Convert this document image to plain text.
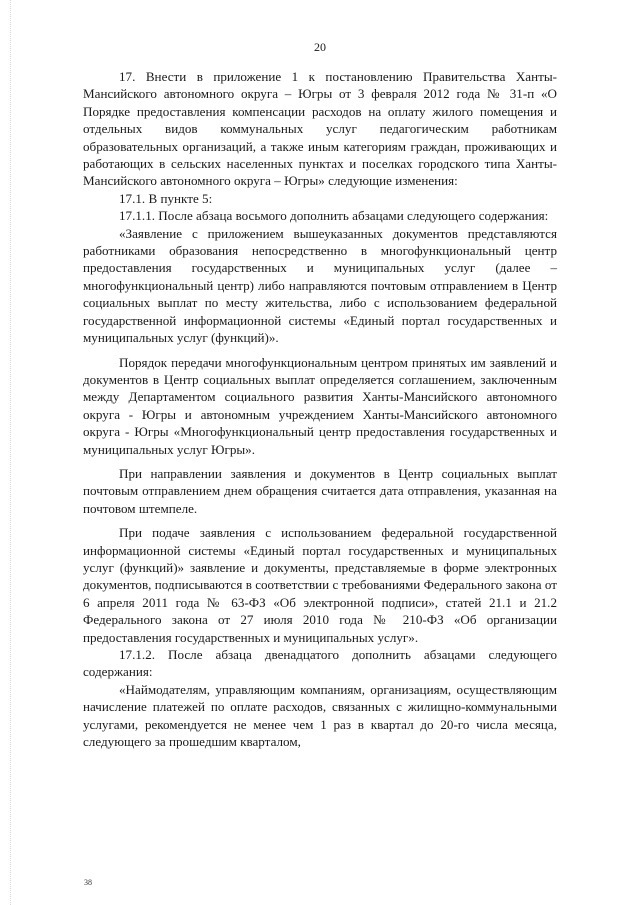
20

17. Внести в приложение 1 к постановлению Правительства Ханты-Мансийского автономного округа – Югры от 3 февраля 2012 года № 31-п «О Порядке предоставления компенсации расходов на оплату жилого помещения и отдельных видов коммунальных услуг педагогическим работникам образовательных организаций, а также иным категориям граждан, проживающих и работающих в сельских населенных пунктах и поселках городского типа Ханты-Мансийского автономного округа – Югры» следующие изменения:

17.1. В пункте 5:

17.1.1. После абзаца восьмого дополнить абзацами следующего содержания:

«Заявление с приложением вышеуказанных документов представляются работниками образования непосредственно в многофункциональный центр предоставления государственных и муниципальных услуг (далее – многофункциональный центр) либо направляются почтовым отправлением в Центр социальных выплат по месту жительства, либо с использованием федеральной государственной информационной системы «Единый портал государственных и муниципальных услуг (функций)».

Порядок передачи многофункциональным центром принятых им заявлений и документов в Центр социальных выплат определяется соглашением, заключенным между Департаментом социального развития Ханты-Мансийского автономного округа - Югры и автономным учреждением Ханты-Мансийского автономного округа - Югры «Многофункциональный центр предоставления государственных и муниципальных услуг Югры».

При направлении заявления и документов в Центр социальных выплат почтовым отправлением днем обращения считается дата отправления, указанная на почтовом штемпеле.

При подаче заявления с использованием федеральной государственной информационной системы «Единый портал государственных и муниципальных услуг (функций)» заявление и документы, представляемые в форме электронных документов, подписываются в соответствии с требованиями Федерального закона от 6 апреля 2011 года № 63-ФЗ «Об электронной подписи», статей 21.1 и 21.2 Федерального закона от 27 июля 2010 года № 210-ФЗ «Об организации предоставления государственных и муниципальных услуг».

17.1.2. После абзаца двенадцатого дополнить абзацами следующего содержания:

«Наймодателям, управляющим компаниям, организациям, осуществляющим начисление платежей по оплате расходов, связанных с жилищно-коммунальными услугами, рекомендуется не менее чем 1 раз в квартал до 20-го числа месяца, следующего за прошедшим кварталом,

38
